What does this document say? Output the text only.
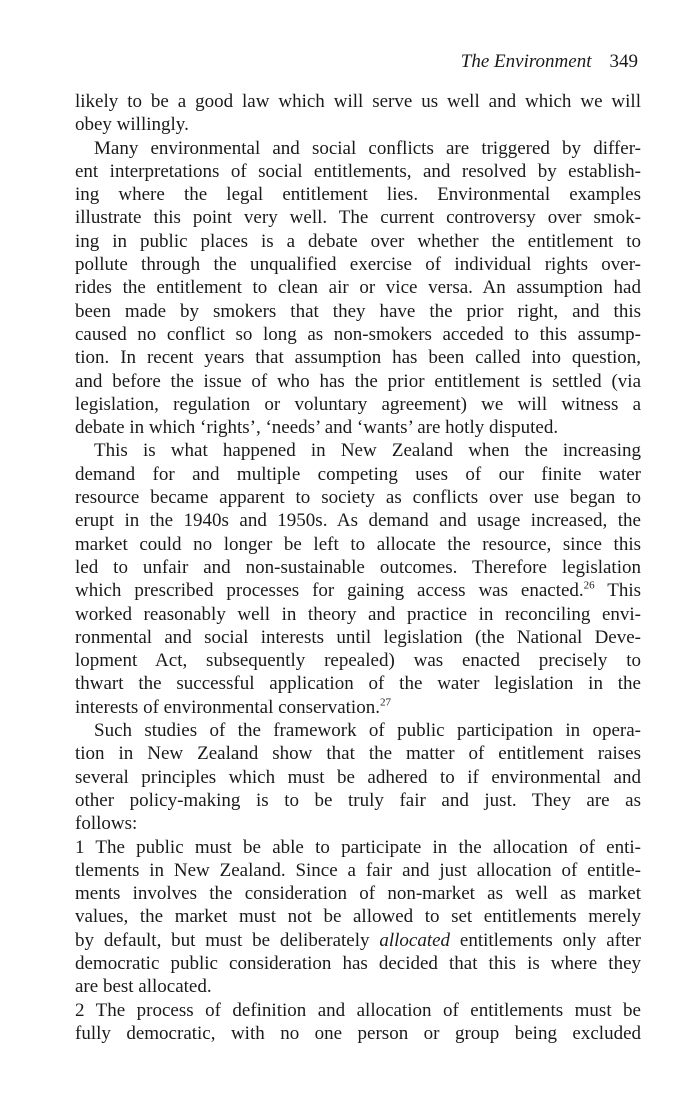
The Environment 349
likely to be a good law which will serve us well and which we will
obey willingly.
Many environmental and social conflicts are triggered by differ-
ent interpretations of social entitlements, and resolved by establish-
ing where the legal entitlement lies. Environmental examples
illustrate this point very well. The current controversy over smok-
ing in public places is a debate over whether the entitlement to
pollute through the unqualified exercise of individual rights over-
rides the entitlement to clean air or vice versa. An assumption had
been made by smokers that they have the prior right, and this
caused no conflict so long as non-smokers acceded to this assump-
tion. In recent years that assumption has been called into question,
and before the issue of who has the prior entitlement is settled (via
legislation, regulation or voluntary agreement) we will witness a
debate in which ‘rights’, ‘needs’ and ‘wants’ are hotly disputed.
This is what happened in New Zealand when the increasing
demand for and multiple competing uses of our finite water
resource became apparent to society as conflicts over use began to
erupt in the 1940s and 1950s. As demand and usage increased, the
market could no longer be left to allocate the resource, since this
led to unfair and non-sustainable outcomes. Therefore legislation
which prescribed processes for gaining access was enacted.$^{26}$ This
worked reasonably well in theory and practice in reconciling envi-
ronmental and social interests until legislation (the National Deve-
lopment Act, subsequently repealed) was enacted precisely to
thwart the successful application of the water legislation in the
interests of environmental conservation.$^{27}$
Such studies of the framework of public participation in opera-
tion in New Zealand show that the matter of entitlement raises
several principles which must be adhered to if environmental and
other policy-making is to be truly fair and just. They are as
follows:
1 The public must be able to participate in the allocation of enti-
tlements in New Zealand. Since a fair and just allocation of entitle-
ments involves the consideration of non-market as well as market
values, the market must not be allowed to set entitlements merely
by default, but must be deliberately allocated entitlements only after
democratic public consideration has decided that this is where they
are best allocated.
2 The process of definition and allocation of entitlements must be
fully democratic, with no one person or group being excluded
